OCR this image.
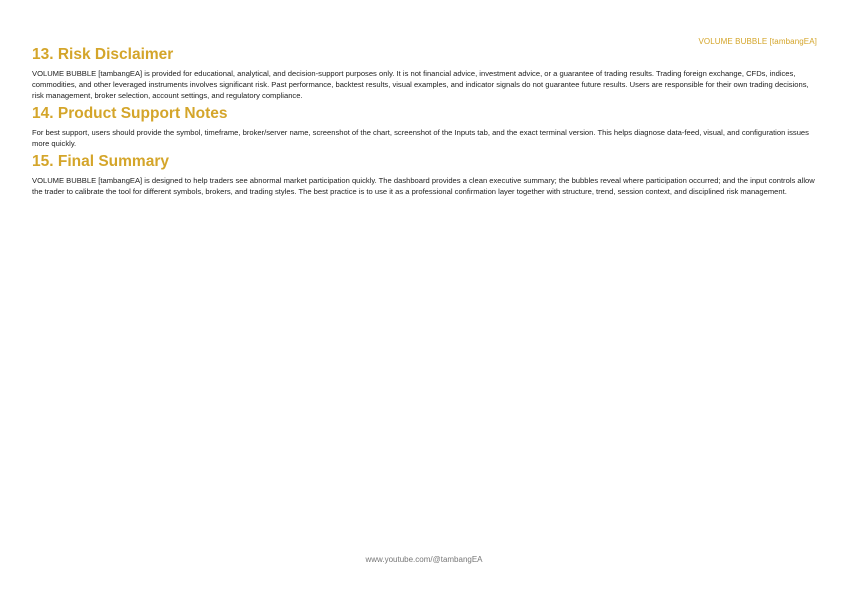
VOLUME BUBBLE [tambangEA]
13. Risk Disclaimer

VOLUME BUBBLE [tambangEA] is provided for educational, analytical, and decision-support purposes only. It is not financial advice, investment advice, or a guarantee of trading results. Trading foreign exchange, CFDs, indices, commodities, and other leveraged instruments involves significant risk. Past performance, backtest results, visual examples, and indicator signals do not guarantee future results. Users are responsible for their own trading decisions, risk management, broker selection, account settings, and regulatory compliance.

14. Product Support Notes

For best support, users should provide the symbol, timeframe, broker/server name, screenshot of the chart, screenshot of the Inputs tab, and the exact terminal version. This helps diagnose data-feed, visual, and configuration issues more quickly.

15. Final Summary

VOLUME BUBBLE [tambangEA] is designed to help traders see abnormal market participation quickly. The dashboard provides a clean executive summary; the bubbles reveal where participation occurred; and the input controls allow the trader to calibrate the tool for different symbols, brokers, and trading styles. The best practice is to use it as a professional confirmation layer together with structure, trend, session context, and disciplined risk management.

www.youtube.com/@tambangEA
